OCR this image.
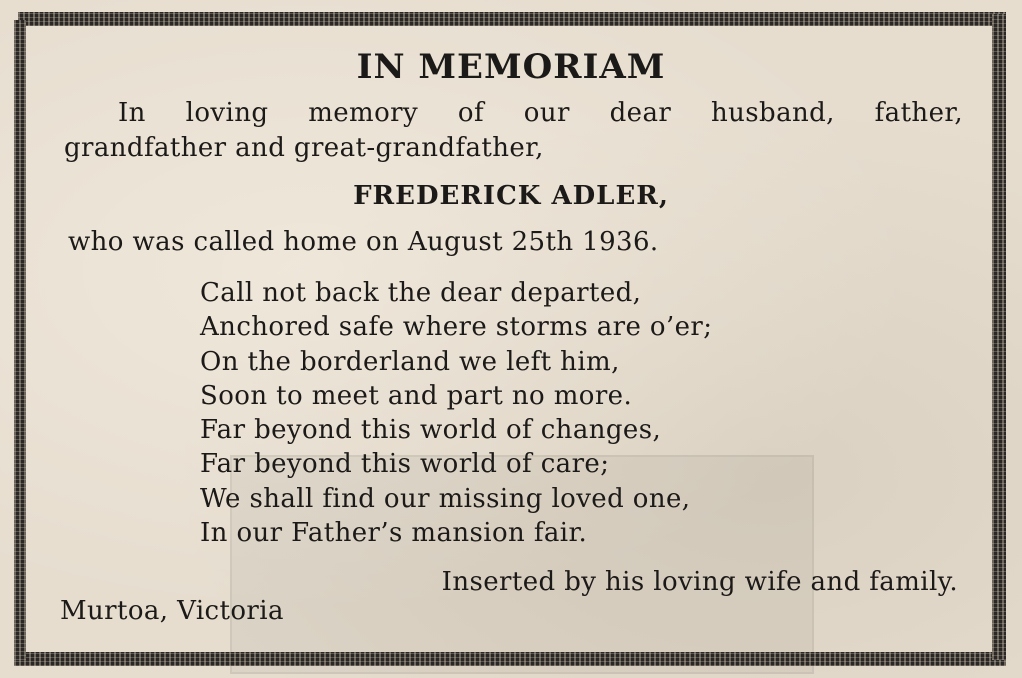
IN MEMORIAM
In loving memory of our dear husband, father,
grandfather and great-grandfather,
FREDERICK ADLER,
who was called home on August 25th 1936.
Call not back the dear departed,
Anchored safe where storms are o’er;
On the borderland we left him,
Soon to meet and part no more.
Far beyond this world of changes,
Far beyond this world of care;
We shall find our missing loved one,
In our Father’s mansion fair.
Inserted by his loving wife and family.
Murtoa, Victoria
